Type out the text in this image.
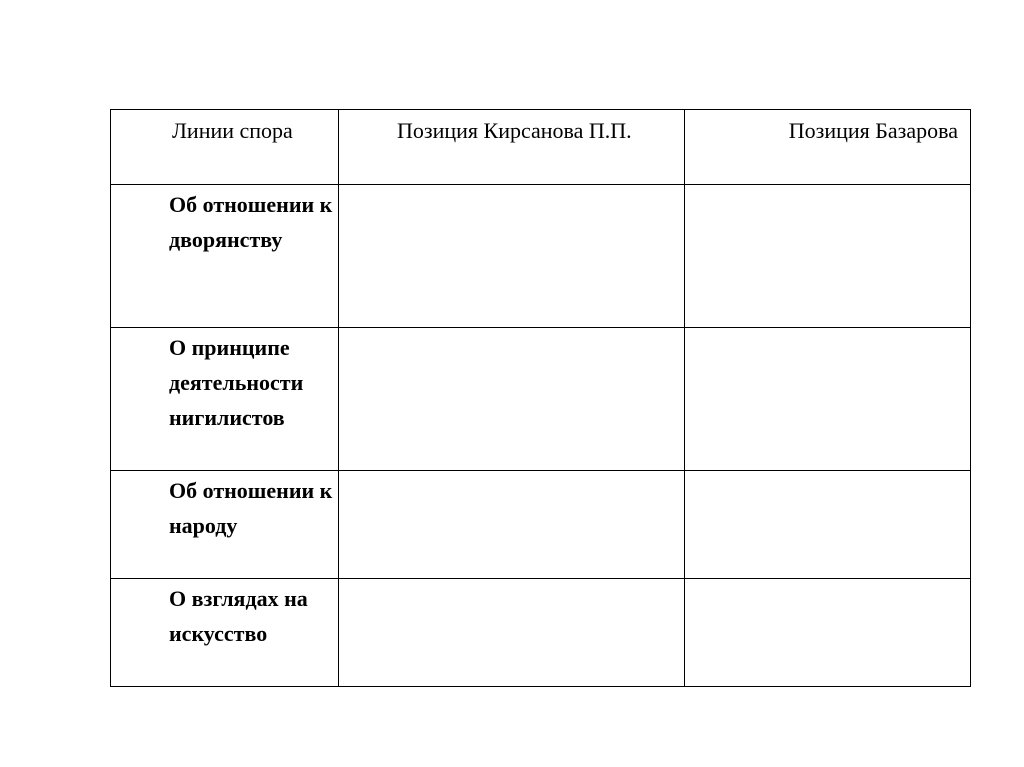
Линии спора	Позиция Кирсанова П.П.	Позиция Базарова
Об отношении к дворянству		
О принципе деятельности нигилистов		
Об отношении к народу		
О взглядах на искусство		
